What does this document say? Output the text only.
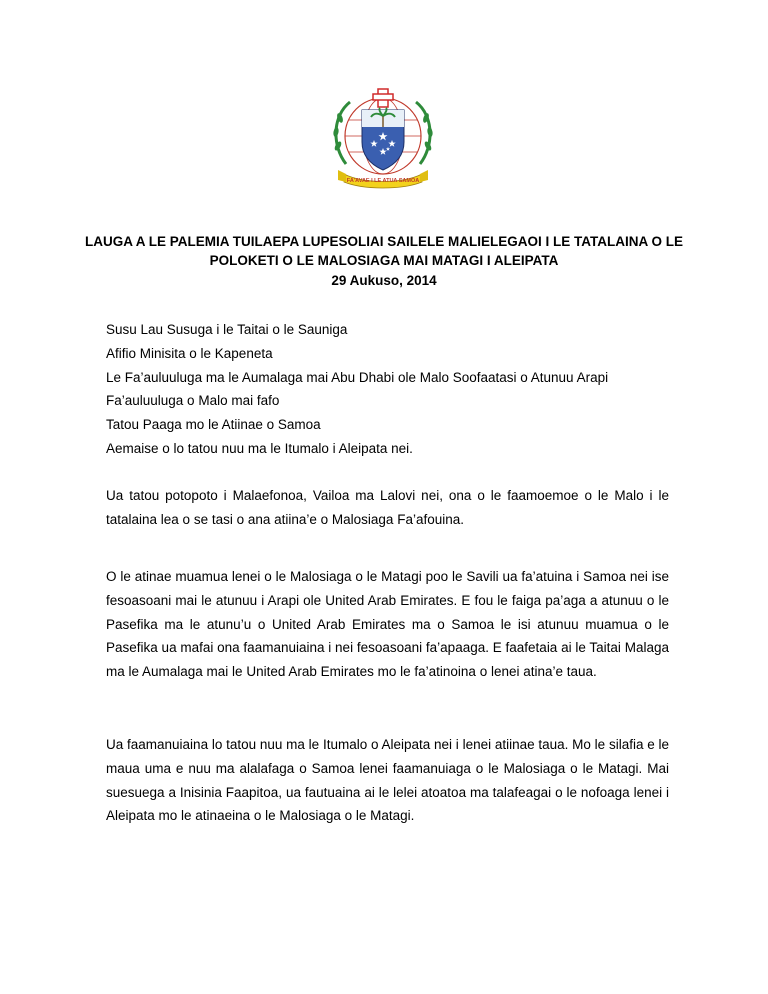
FA'AVAE I LE ATUA SAMOA
LAUGA A LE PALEMIA TUILAEPA LUPESOLIAI SAILELE MALIELEGAOI I LE TATALAINA O LE POLOKETI O LE MALOSIAGA MAI MATAGI I ALEIPATA
29 Aukuso, 2014
Susu Lau Susuga i le Taitai o le Sauniga
Afifio Minisita o le Kapeneta
Le Fa’auluuluga ma le Aumalaga mai Abu Dhabi ole Malo Soofaatasi o Atunuu Arapi
Fa’auluuluga o Malo mai fafo
Tatou Paaga mo le Atiinae o Samoa
Aemaise o lo tatou nuu ma le Itumalo i Aleipata nei.
Ua tatou potopoto i Malaefonoa, Vailoa ma Lalovi nei, ona o le faamoemoe o le Malo i le tatalaina lea o se tasi o ana atiina’e o Malosiaga Fa’afouina.
O le atinae muamua lenei o le Malosiaga o le Matagi poo le Savili ua fa’atuina i Samoa nei ise fesoasoani mai le atunuu i Arapi ole United Arab Emirates. E fou le faiga pa’aga a atunuu o le Pasefika ma le atunu’u o United Arab Emirates ma o Samoa le isi atunuu muamua o le Pasefika ua mafai ona faamanuiaina i nei fesoasoani fa’apaaga. E faafetaia ai le Taitai Malaga ma le Aumalaga mai le United Arab Emirates mo le fa’atinoina o lenei atina’e taua.
Ua faamanuiaina lo tatou nuu ma le Itumalo o Aleipata nei i lenei atiinae taua. Mo le silafia e le maua uma e nuu ma alalafaga o Samoa lenei faamanuiaga o le Malosiaga o le Matagi. Mai suesuega a Inisinia Faapitoa, ua fautuaina ai le lelei atoatoa ma talafeagai o le nofoaga lenei i Aleipata mo le atinaeina o le Malosiaga o le Matagi.
